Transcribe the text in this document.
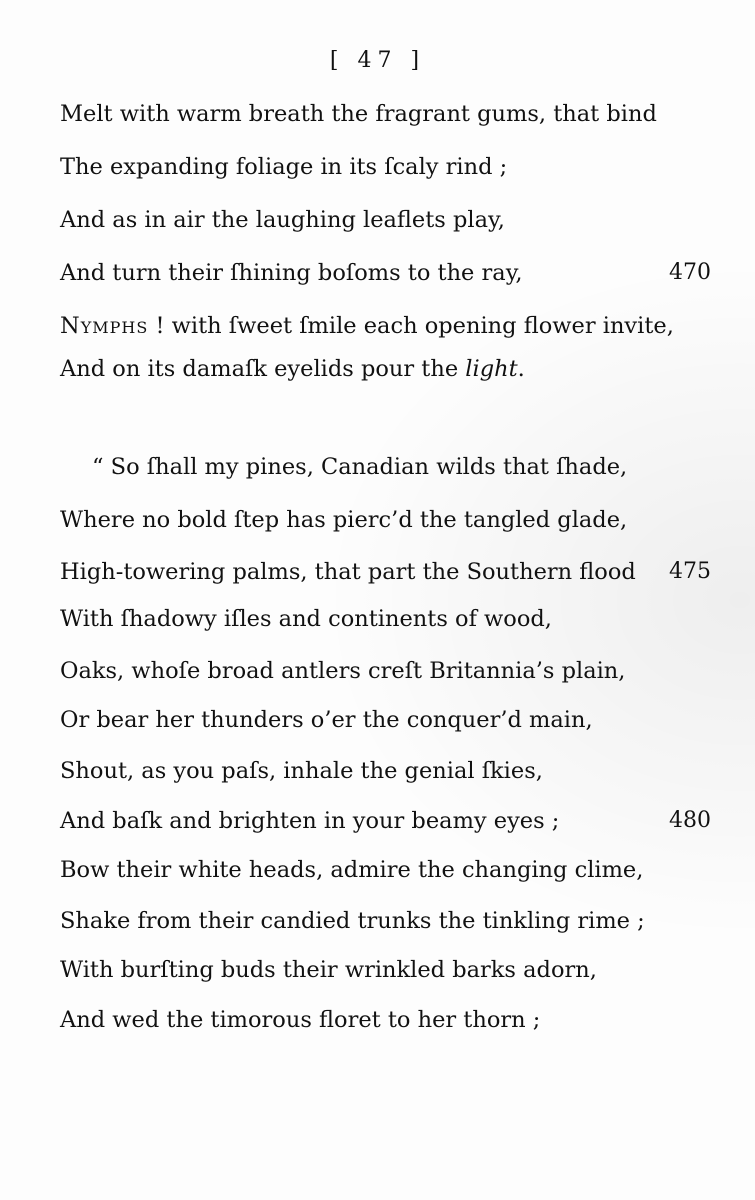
[ 47 ]
Melt with warm breath the fragrant gums, that bind
The expanding foliage in its ſcaly rind ;
And as in air the laughing leaflets play,
And turn their ſhining boſoms to the ray,	470
Nymphs ! with ſweet ſmile each opening flower invite,
And on its damaſk eyelids pour the light.
“ So ſhall my pines, Canadian wilds that ſhade,
Where no bold ſtep has pierc’d the tangled glade,
High-towering palms, that part the Southern flood 475
With ſhadowy iſles and continents of wood,
Oaks, whoſe broad antlers creſt Britannia’s plain,
Or bear her thunders o’er the conquer’d main,
Shout, as you paſs, inhale the genial ſkies,
And baſk and brighten in your beamy eyes ;	480
Bow their white heads, admire the changing clime,
Shake from their candied trunks the tinkling rime ;
With burſting buds their wrinkled barks adorn,
And wed the timorous floret to her thorn ;
